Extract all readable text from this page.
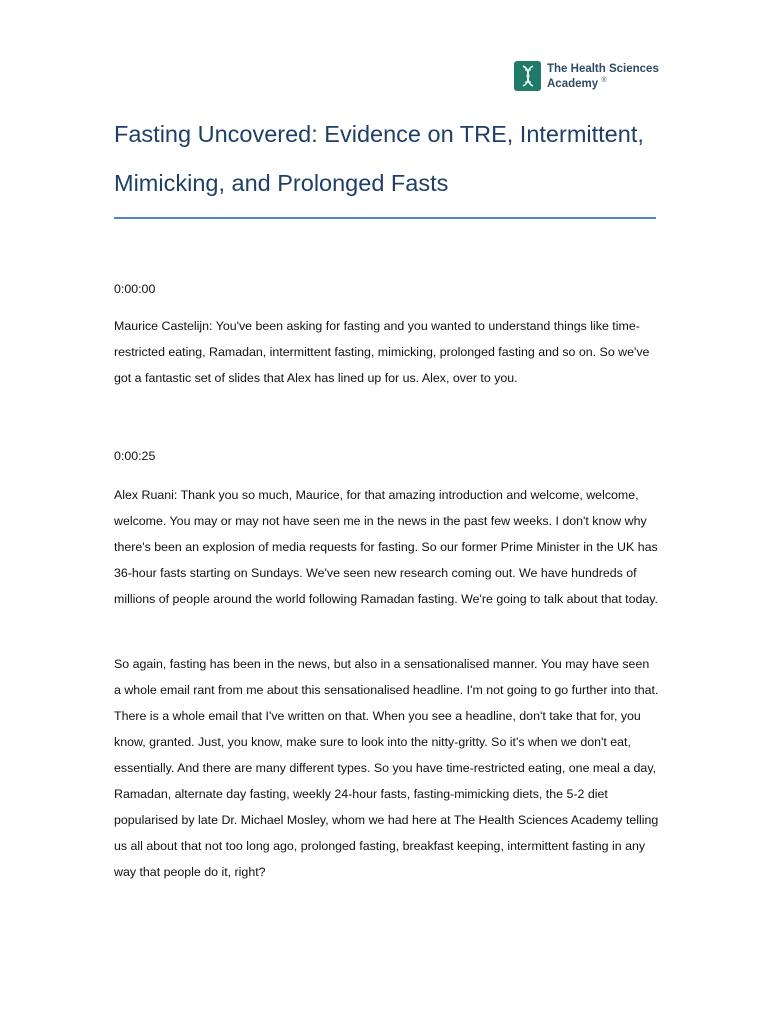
The Health Sciences
Academy ®
Fasting Uncovered: Evidence on TRE, Intermittent, Mimicking, and Prolonged Fasts

0:00:00

Maurice Castelijn: You've been asking for fasting and you wanted to understand things like time-restricted eating, Ramadan, intermittent fasting, mimicking, prolonged fasting and so on. So we've got a fantastic set of slides that Alex has lined up for us. Alex, over to you.

0:00:25

Alex Ruani: Thank you so much, Maurice, for that amazing introduction and welcome, welcome, welcome. You may or may not have seen me in the news in the past few weeks. I don't know why there's been an explosion of media requests for fasting. So our former Prime Minister in the UK has 36-hour fasts starting on Sundays. We've seen new research coming out. We have hundreds of millions of people around the world following Ramadan fasting. We're going to talk about that today.

So again, fasting has been in the news, but also in a sensationalised manner. You may have seen a whole email rant from me about this sensationalised headline. I'm not going to go further into that. There is a whole email that I've written on that. When you see a headline, don't take that for, you know, granted. Just, you know, make sure to look into the nitty-gritty. So it's when we don't eat, essentially. And there are many different types. So you have time-restricted eating, one meal a day, Ramadan, alternate day fasting, weekly 24-hour fasts, fasting-mimicking diets, the 5-2 diet popularised by late Dr. Michael Mosley, whom we had here at The Health Sciences Academy telling us all about that not too long ago, prolonged fasting, breakfast keeping, intermittent fasting in any way that people do it, right?
